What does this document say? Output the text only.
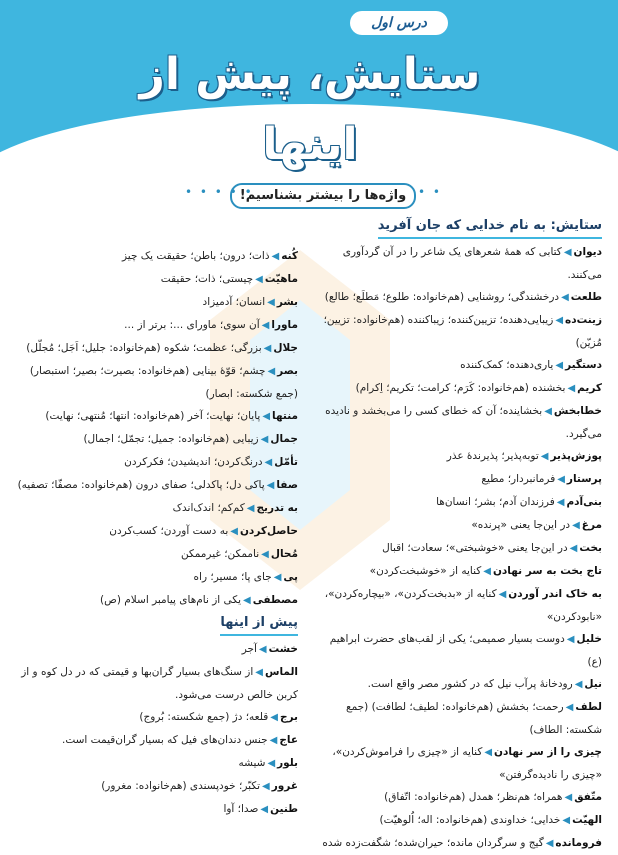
درس اول
ستایش، پیش از اینها
• • • • •
واژه‌ها را بیشتر بشناسیم! • •
ستایش: به نام خدایی که جان آفرید
دیوان◀کتابی که همهٔ شعرهای یک شاعر را در آن گردآوری می‌کنند.
طلعت◀درخشندگی؛ روشنایی (هم‌خانواده: طلوع؛ مَطلَع؛ طالع)
زینت‌ده◀زیبایی‌دهنده؛ تزیین‌کننده؛ زیباکننده (هم‌خانواده: تزیین؛ مُزیّن)
دستگیر◀یاری‌دهنده؛ کمک‌کننده
کریم◀بخشنده (هم‌خانواده: کَرَم؛ کرامت؛ تکریم؛ اِکرام)
خطابخش◀بخشاینده؛ آن که خطای کسی را می‌بخشد و نادیده می‌گیرد.
پوزش‌پذیر◀توبه‌پذیر؛ پذیرندهٔ عذر
پرستار◀فرمانبردار؛ مطیع
بنی‌آدم◀فرزندان آدم؛ بشر؛ انسان‌ها
مرغ◀در این‌جا یعنی «پرنده»
بخت◀در این‌جا یعنی «خوشبختی»؛ سعادت؛ اقبال
تاج بخت به سر نهادن◀کنایه از «خوشبخت‌کردن»
به خاک اندر آوردن◀کنایه از «بدبخت‌کردن»، «بیچاره‌کردن»، «نابودکردن»
خلیل◀دوست بسیار صمیمی؛ یکی از لقب‌های حضرت ابراهیم (ع)
نیل◀رودخانهٔ پرآب نیل که در کشور مصر واقع است.
لطف◀رحمت؛ بخشش (هم‌خانواده: لطیف؛ لطافت) (جمع شکسته: الطاف)
چیزی را از سر نهادن◀کنایه از «چیزی را فراموش‌کردن»، «چیزی را نادیده‌گرفتن»
متّفق◀همراه؛ هم‌نظر؛ همدل (هم‌خانواده: اتّفاق)
الهیّت◀خدایی؛ خداوندی (هم‌خانواده: اله؛ اُلوهیّت)
فرومانده◀گیج و سرگردان مانده؛ حیران‌شده؛ شگفت‌زده شده
کُنه◀ذات؛ درون؛ باطن؛ حقیقت یک چیز
ماهیّت◀چیستی؛ ذات؛ حقیقت
بشر◀انسان؛ آدمیزاد
ماورا◀آن سوی؛ ماورای ...: برتر از ...
جلال◀بزرگی؛ عظمت؛ شکوه (هم‌خانواده: جلیل؛ اَجَل؛ مُجلّل)
بصر◀چشم؛ قوّهٔ بینایی (هم‌خانواده: بصیرت؛ بصیر؛ استبصار) (جمع شکسته: ابصار)
منتها◀پایان؛ نهایت؛ آخر (هم‌خانواده: انتها؛ مُنتهی؛ نهایت)
جمال◀زیبایی (هم‌خانواده: جمیل؛ تجمّل؛ اجمال)
تأمّل◀درنگ‌کردن؛ اندیشیدن؛ فکرکردن
صفا◀پاکی دل؛ پاکدلی؛ صفای درون (هم‌خانواده: مصفّا؛ تصفیه)
به تدریج◀کم‌کم؛ اندک‌اندک
حاصل‌کردن◀به دست آوردن؛ کسب‌کردن
مُحال◀ناممکن؛ غیرممکن
پی◀جای پا؛ مسیر؛ راه
مصطفی◀یکی از نام‌های پیامبر اسلام (ص)
پیش از اینها
خشت◀آجر
الماس◀از سنگ‌های بسیار گران‌بها و قیمتی که در دل کوه و از کربن خالص درست می‌شود.
برج◀قلعه؛ دژ (جمع شکسته: بُروج)
عاج◀جنس دندان‌های فیل که بسیار گران‌قیمت است.
بلور◀شیشه
غرور◀تکبّر؛ خودپسندی (هم‌خانواده: مغرور)
طنین◀صدا؛ آوا
